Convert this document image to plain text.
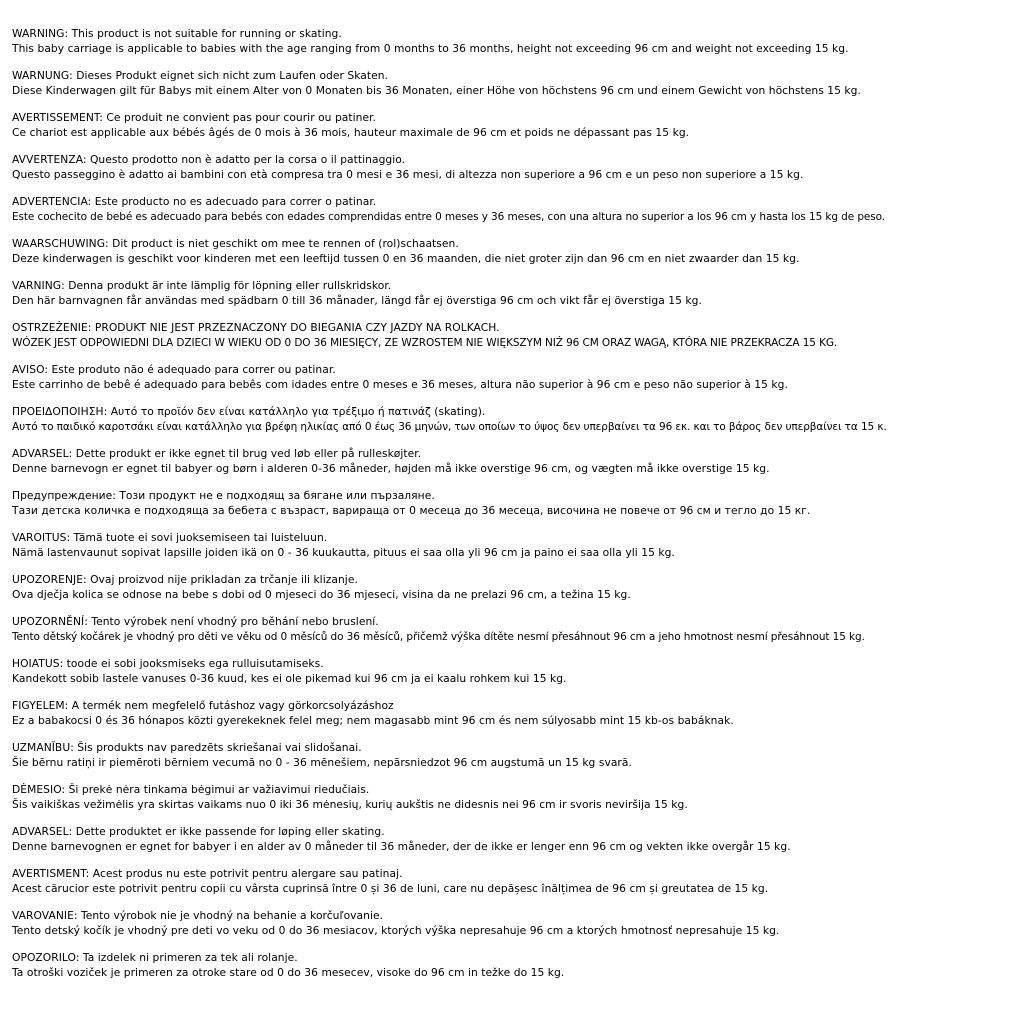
WARNING: This product is not suitable for running or skating.
This baby carriage is applicable to babies with the age ranging from 0 months to 36 months, height not exceeding 96 cm and weight not exceeding 15 kg.
WARNUNG: Dieses Produkt eignet sich nicht zum Laufen oder Skaten.
Diese Kinderwagen gilt für Babys mit einem Alter von 0 Monaten bis 36 Monaten, einer Höhe von höchstens 96 cm und einem Gewicht von höchstens 15 kg.
AVERTISSEMENT: Ce produit ne convient pas pour courir ou patiner.
Ce chariot est applicable aux bébés âgés de 0 mois à 36 mois, hauteur maximale de 96 cm et poids ne dépassant pas 15 kg.
AVVERTENZA: Questo prodotto non è adatto per la corsa o il pattinaggio.
Questo passeggino è adatto ai bambini con età compresa tra 0 mesi e 36 mesi, di altezza non superiore a 96 cm e un peso non superiore a 15 kg.
ADVERTENCIA: Este producto no es adecuado para correr o patinar.
Este cochecito de bebé es adecuado para bebés con edades comprendidas entre 0 meses y 36 meses, con una altura no superior a los 96 cm y hasta los 15 kg de peso.
WAARSCHUWING: Dit product is niet geschikt om mee te rennen of (rol)schaatsen.
Deze kinderwagen is geschikt voor kinderen met een leeftijd tussen 0 en 36 maanden, die niet groter zijn dan 96 cm en niet zwaarder dan 15 kg.
VARNING: Denna produkt är inte lämplig för löpning eller rullskridskor.
Den här barnvagnen får användas med spädbarn 0 till 36 månader, längd får ej överstiga 96 cm och vikt får ej överstiga 15 kg.
OSTRZEŻENIE: PRODUKT NIE JEST PRZEZNACZONY DO BIEGANIA CZY JAZDY NA ROLKACH.
WÓZEK JEST ODPOWIEDNI DLA DZIECI W WIEKU OD 0 DO 36 MIESIĘCY, ZE WZROSTEM NIE WIĘKSZYM NIŻ 96 CM ORAZ WAGĄ, KTÓRA NIE PRZEKRACZA 15 KG.
AVISO: Este produto não é adequado para correr ou patinar.
Este carrinho de bebê é adequado para bebês com idades entre 0 meses e 36 meses, altura não superior à 96 cm e peso não superior à 15 kg.
ΠΡΟΕΙΔΟΠΟΙΗΣΗ: Αυτό το προϊόν δεν είναι κατάλληλο για τρέξιμο ή πατινάζ (skating).
Αυτό το παιδικό καροτσάκι είναι κατάλληλο για βρέφη ηλικίας από 0 έως 36 μηνών, των οποίων το ύψος δεν υπερβαίνει τα 96 εκ. και το βάρος δεν υπερβαίνει τα 15 κ.
ADVARSEL: Dette produkt er ikke egnet til brug ved løb eller på rulleskøjter.
Denne barnevogn er egnet til babyer og børn i alderen 0-36 måneder, højden må ikke overstige 96 cm, og vægten må ikke overstige 15 kg.
Предупреждение: Този продукт не е подходящ за бягане или пързаляне.
Тази детска количка е подходяща за бебета с възраст, варираща от 0 месеца до 36 месеца, височина не повече от 96 см и тегло до 15 кг.
VAROITUS: Tämä tuote ei sovi juoksemiseen tai luisteluun.
Nämä lastenvaunut sopivat lapsille joiden ikä on 0 - 36 kuukautta, pituus ei saa olla yli 96 cm ja paino ei saa olla yli 15 kg.
UPOZORENJE: Ovaj proizvod nije prikladan za trčanje ili klizanje.
Ova dječja kolica se odnose na bebe s dobi od 0 mjeseci do 36 mjeseci, visina da ne prelazi 96 cm, a težina 15 kg.
UPOZORNĚNÍ: Tento výrobek není vhodný pro běhání nebo bruslení.
Tento dětský kočárek je vhodný pro děti ve věku od 0 měsíců do 36 měsíců, přičemž výška dítěte nesmí přesáhnout 96 cm a jeho hmotnost nesmí přesáhnout 15 kg.
HOIATUS: toode ei sobi jooksmiseks ega rulluisutamiseks.
Kandekott sobib lastele vanuses 0-36 kuud, kes ei ole pikemad kui 96 cm ja ei kaalu rohkem kui 15 kg.
FIGYELEM: A termék nem megfelelő futáshoz vagy görkorcsolyázáshoz
Ez a babakocsi 0 és 36 hónapos közti gyerekeknek felel meg; nem magasabb mint 96 cm és nem súlyosabb mint 15 kb-os babáknak.
UZMANĪBU: Šis produkts nav paredzēts skriešanai vai slidošanai.
Šie bērnu ratiņi ir piemēroti bērniem vecumā no 0 - 36 mēnešiem, nepārsniedzot 96 cm augstumā un 15 kg svarā.
DĖMESIO: Ši prekė nėra tinkama bėgimui ar važiavimui riedučiais.
Šis vaikiškas vežimėlis yra skirtas vaikams nuo 0 iki 36 mėnesių, kurių aukštis ne didesnis nei 96 cm ir svoris neviršija 15 kg.
ADVARSEL: Dette produktet er ikke passende for løping eller skating.
Denne barnevognen er egnet for babyer i en alder av 0 måneder til 36 måneder, der de ikke er lenger enn 96 cm og vekten ikke overgår 15 kg.
AVERTISMENT: Acest produs nu este potrivit pentru alergare sau patinaj.
Acest cărucior este potrivit pentru copii cu vârsta cuprinsă între 0 și 36 de luni, care nu depășesc înălțimea de 96 cm și greutatea de 15 kg.
VAROVANIE: Tento výrobok nie je vhodný na behanie a korčuľovanie.
Tento detský kočík je vhodný pre deti vo veku od 0 do 36 mesiacov, ktorých výška nepresahuje 96 cm a ktorých hmotnosť nepresahuje 15 kg.
OPOZORILO: Ta izdelek ni primeren za tek ali rolanje.
Ta otroški voziček je primeren za otroke stare od 0 do 36 mesecev, visoke do 96 cm in težke do 15 kg.
